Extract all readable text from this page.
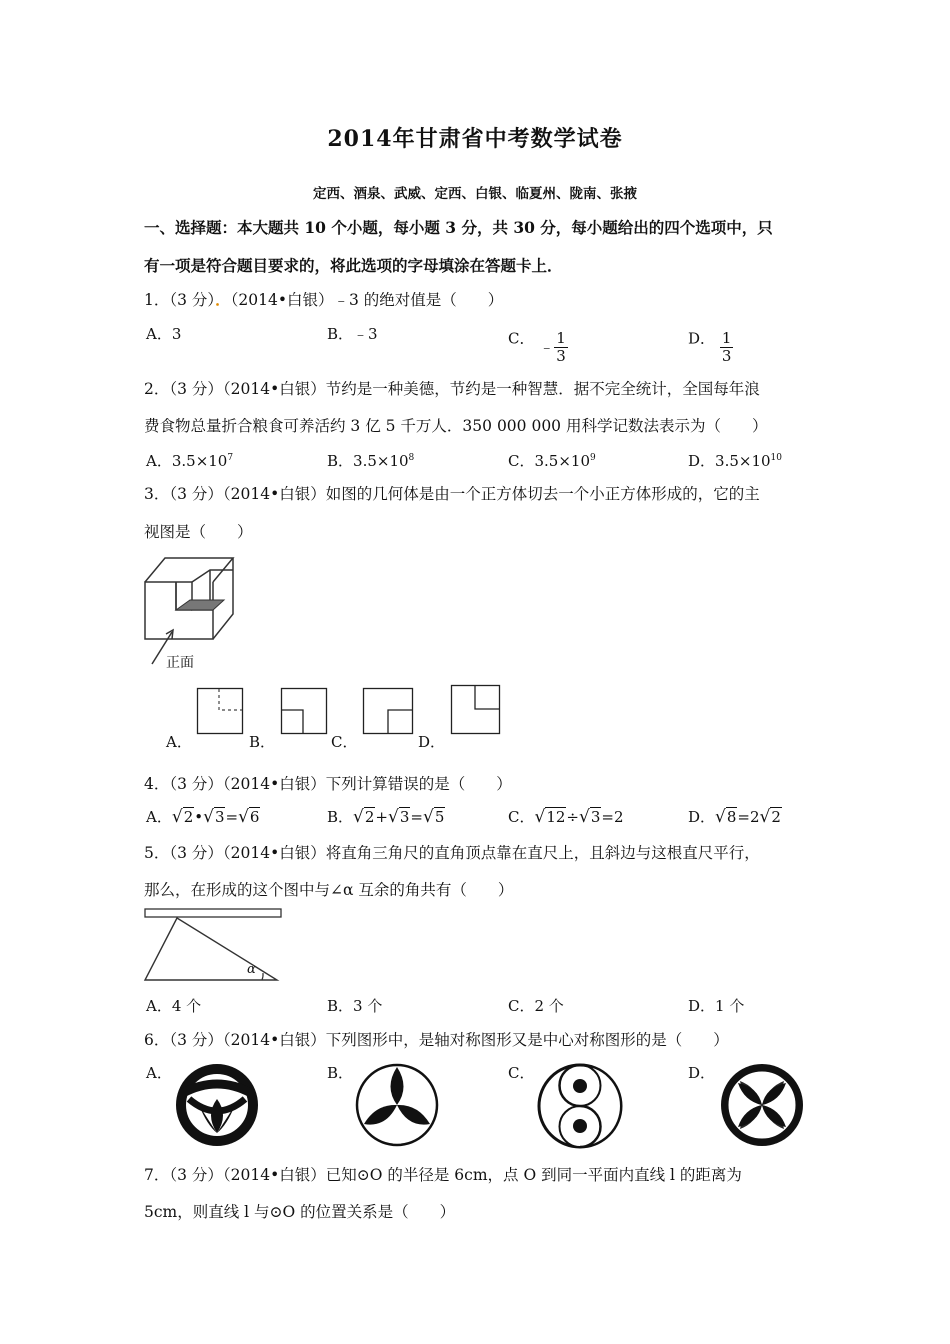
2014年甘肃省中考数学试卷
定西、酒泉、武威、定西、白银、临夏州、陇南、张掖
一、选择题：本大题共 10 个小题，每小题 3 分，共 30 分，每小题给出的四个选项中，只
有一项是符合题目要求的，将此选项的字母填涂在答题卡上．
1．（3 分）．（2014•白银）﹣3 的绝对值是（　　）
A．3	B．﹣3	C． ﹣ $\frac{1}{3}$	D． $\frac{1}{3}$
2．（3 分）（2014•白银）节约是一种美德，节约是一种智慧．据不完全统计，全国每年浪
费食物总量折合粮食可养活约 3 亿 5 千万人．350 000 000 用科学记数法表示为（　　）
A．$3.5\times 10^7$	B．$3.5\times 10^8$	C．$3.5\times 10^9$	D．$3.5\times 10^{10}$
3．（3 分）（2014•白银）如图的几何体是由一个正方体切去一个小正方体形成的，它的主
视图是（　　）
正面
A．	B．	C．	D．
4．（3 分）（2014•白银）下列计算错误的是（　　）
A．√2•√3=√6	B．√2+√3=√5	C．√12÷√3=2	D．√8=2√2
5．（3 分）（2014•白银）将直角三角尺的直角顶点靠在直尺上，且斜边与这根直尺平行，
那么，在形成的这个图中与∠α 互余的角共有（　　）
α
A．4 个	B．3 个	C．2 个	D．1 个
6．（3 分）（2014•白银）下列图形中，是轴对称图形又是中心对称图形的是（　　）
A．	B．	C．	D．
7．（3 分）（2014•白银）已知⊙O 的半径是 6cm，点 O 到同一平面内直线 l 的距离为
5cm，则直线 l 与⊙O 的位置关系是（　　）
